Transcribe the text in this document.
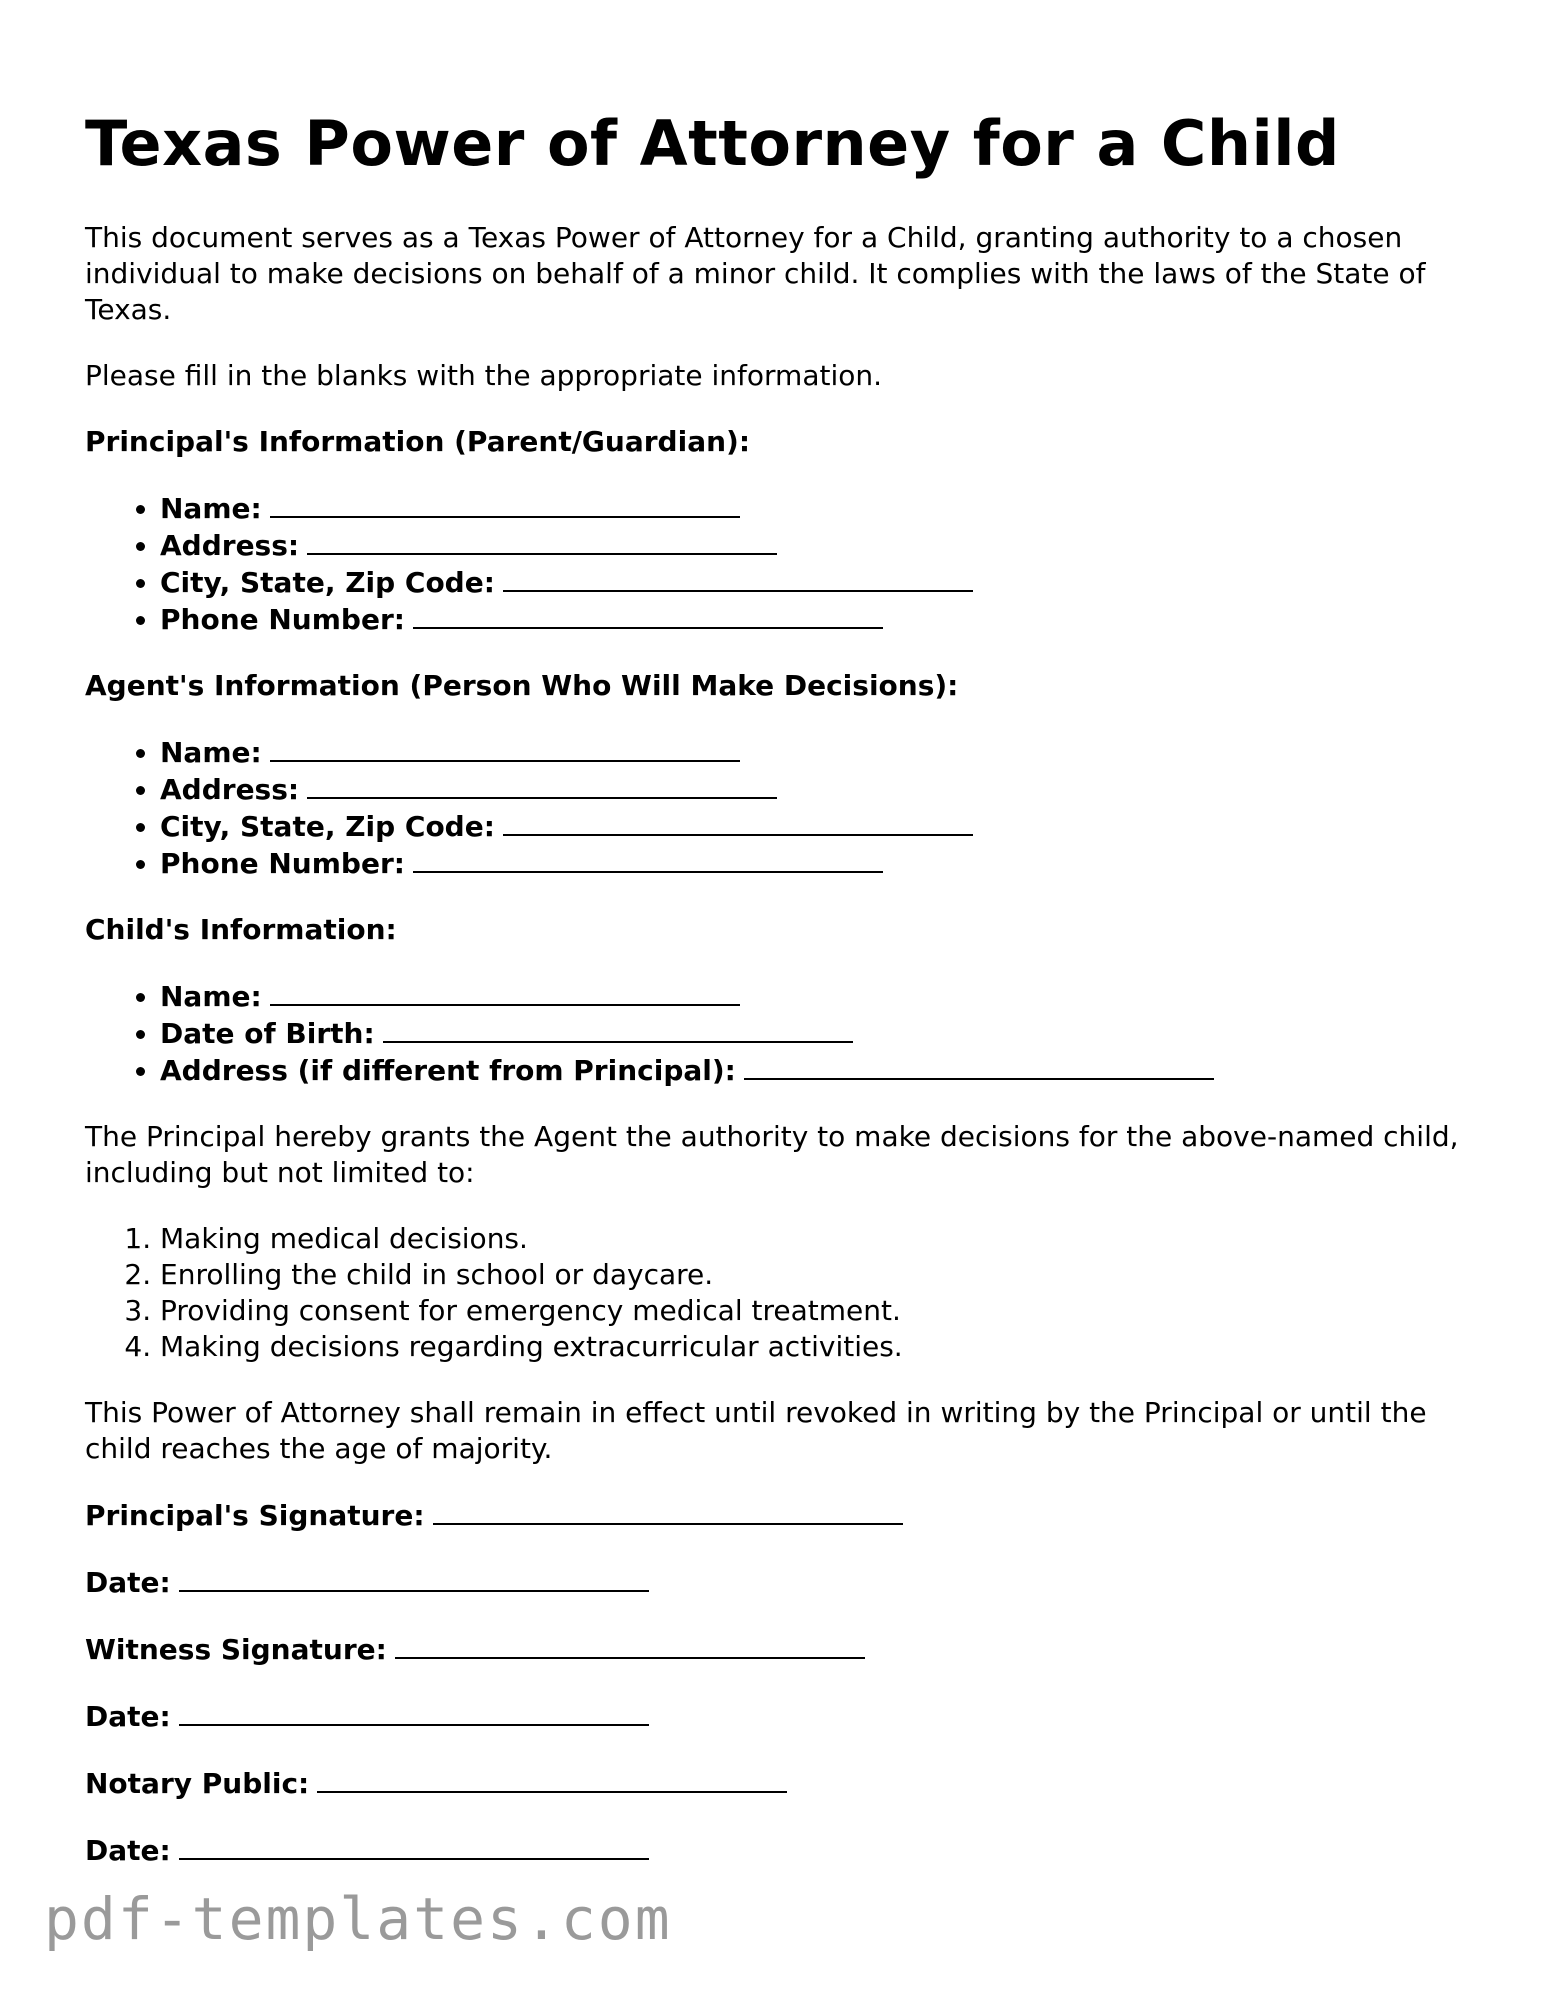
Texas Power of Attorney for a Child

This document serves as a Texas Power of Attorney for a Child, granting authority to a chosen individual to make decisions on behalf of a minor child. It complies with the laws of the State of Texas.

Please fill in the blanks with the appropriate information.

Principal's Information (Parent/Guardian):

• Name:
• Address:
• City, State, Zip Code:
• Phone Number:

Agent's Information (Person Who Will Make Decisions):

• Name:
• Address:
• City, State, Zip Code:
• Phone Number:

Child's Information:

• Name:
• Date of Birth:
• Address (if different from Principal):

The Principal hereby grants the Agent the authority to make decisions for the above-named child, including but not limited to:

1. Making medical decisions.
2. Enrolling the child in school or daycare.
3. Providing consent for emergency medical treatment.
4. Making decisions regarding extracurricular activities.

This Power of Attorney shall remain in effect until revoked in writing by the Principal or until the child reaches the age of majority.

Principal's Signature:

Date:

Witness Signature:

Date:

Notary Public:

Date:

pdf-templates.com
